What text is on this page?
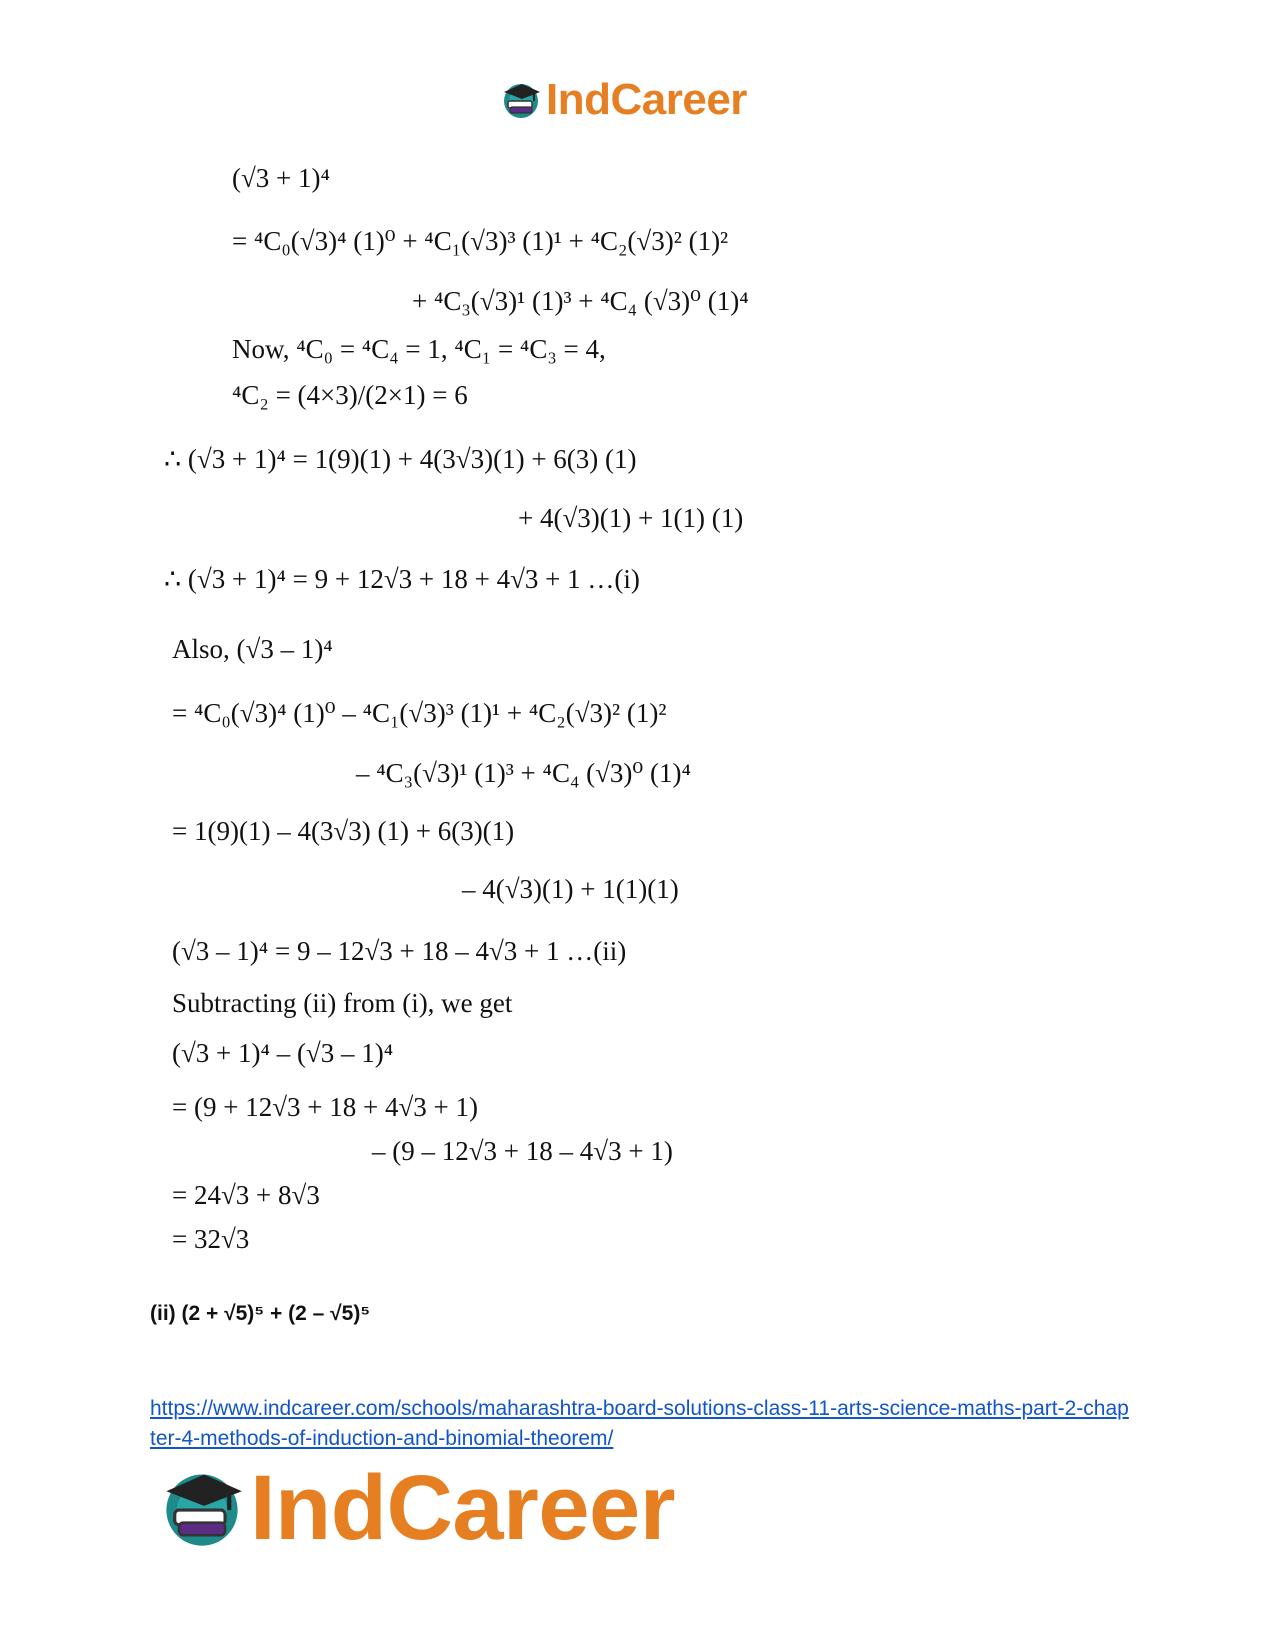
IndCareer
(√3 + 1)⁴
= ⁴C₀(√3)⁴ (1)⁰ + ⁴C₁(√3)³ (1)¹ + ⁴C₂(√3)² (1)²
+ ⁴C₃(√3)¹ (1)³ + ⁴C₄ (√3)⁰ (1)⁴
Now, ⁴C₀ = ⁴C₄ = 1, ⁴C₁ = ⁴C₃ = 4,
⁴C₂ = (4×3)/(2×1) = 6
∴ (√3 + 1)⁴ = 1(9)(1) + 4(3√3)(1) + 6(3) (1)
+ 4(√3)(1) + 1(1) (1)
∴ (√3 + 1)⁴ = 9 + 12√3 + 18 + 4√3 + 1 …(i)
Also, (√3 – 1)⁴
= ⁴C₀(√3)⁴ (1)⁰ – ⁴C₁(√3)³ (1)¹ + ⁴C₂(√3)² (1)²
– ⁴C₃(√3)¹ (1)³ + ⁴C₄ (√3)⁰ (1)⁴
= 1(9)(1) – 4(3√3) (1) + 6(3)(1)
– 4(√3)(1) + 1(1)(1)
(√3 – 1)⁴ = 9 – 12√3 + 18 – 4√3 + 1 …(ii)
Subtracting (ii) from (i), we get
(√3 + 1)⁴ – (√3 – 1)⁴
= (9 + 12√3 + 18 + 4√3 + 1)
– (9 – 12√3 + 18 – 4√3 + 1)
= 24√3 + 8√3
= 32√3
(ii) (2 + √5)⁵ + (2 – √5)⁵
https://www.indcareer.com/schools/maharashtra-board-solutions-class-11-arts-science-maths-part-2-chapter-4-methods-of-induction-and-binomial-theorem/
IndCareer
